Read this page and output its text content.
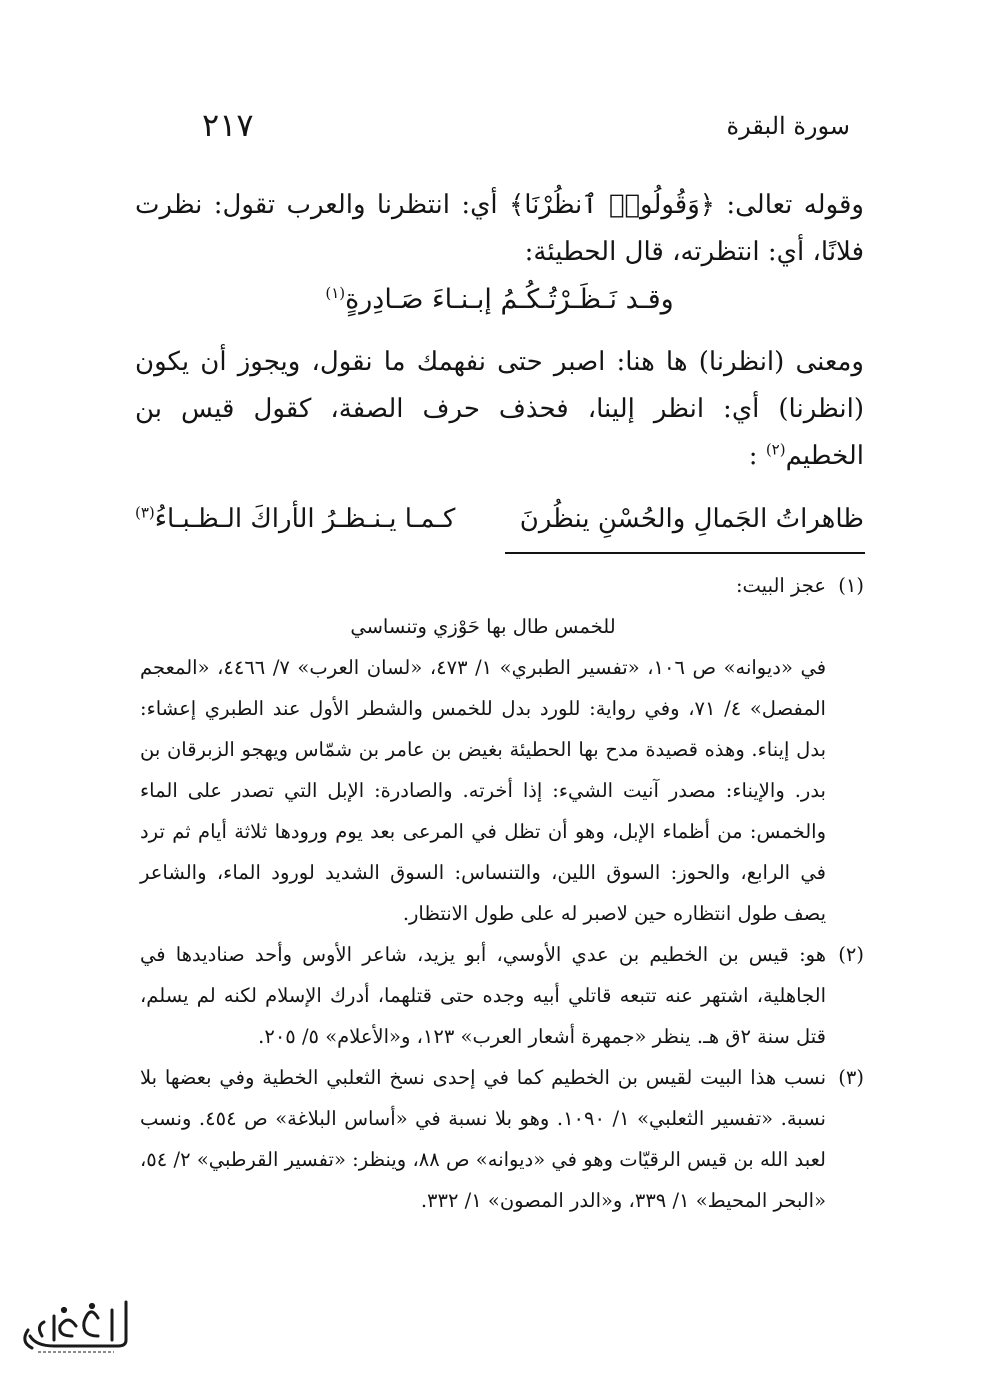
سورة البقرة
٢١٧

وقوله تعالى: ﴿وَقُولُوا۟ ٱنظُرْنَا﴾ أي: انتظرنا والعرب تقول: نظرت فلانًا، أي: انتظرته، قال الحطيئة:

وقـد نَـظَـرْتُـكُـمُ إبـنـاءَ صَـادِرةٍ$^{(١)}$

ومعنى (انظرنا) ها هنا: اصبر حتى نفهمك ما نقول، ويجوز أن يكون (انظرنا) أي: انظر إلينا، فحذف حرف الصفة، كقول قيس بن الخطيم$^{(٢)}$ :

ظاهراتُ الجَمالِ والحُسْنِ ينظُرنَ
كـمـا يـنـظـرُ الأراكَ الـظـبـاءُ$^{(٣)}$
(١)
عجز البيت:
للخمس طال بها حَوْزي وتنساسي
في «ديوانه» ص ١٠٦، «تفسير الطبري» ١/ ٤٧٣، «لسان العرب» ٧/ ٤٤٦٦، «المعجم المفصل» ٤/ ٧١، وفي رواية: للورد بدل للخمس والشطر الأول عند الطبري إعشاء: بدل إيناء. وهذه قصيدة مدح بها الحطيئة بغيض بن عامر بن شمّاس ويهجو الزبرقان بن بدر. والإيناء: مصدر آنيت الشيء: إذا أخرته. والصادرة: الإبل التي تصدر على الماء والخمس: من أظماء الإبل، وهو أن تظل في المرعى بعد يوم ورودها ثلاثة أيام ثم ترد في الرابع، والحوز: السوق اللين، والتنساس: السوق الشديد لورود الماء، والشاعر يصف طول انتظاره حين لاصبر له على طول الانتظار.
(٢)
هو: قيس بن الخطيم بن عدي الأوسي، أبو يزيد، شاعر الأوس وأحد صناديدها في الجاهلية، اشتهر عنه تتبعه قاتلي أبيه وجده حتى قتلهما، أدرك الإسلام لكنه لم يسلم، قتل سنة ٢ق هـ. ينظر «جمهرة أشعار العرب» ١٢٣، و«الأعلام» ٥/ ٢٠٥.
(٣)
نسب هذا البيت لقيس بن الخطيم كما في إحدى نسخ الثعلبي الخطية وفي بعضها بلا نسبة. «تفسير الثعلبي» ١/ ١٠٩٠. وهو بلا نسبة في «أساس البلاغة» ص ٤٥٤. ونسب لعبد الله بن قيس الرقيّات وهو في «ديوانه» ص ٨٨، وينظر: «تفسير القرطبي» ٢/ ٥٤، «البحر المحيط» ١/ ٣٣٩، و«الدر المصون» ١/ ٣٣٢.
